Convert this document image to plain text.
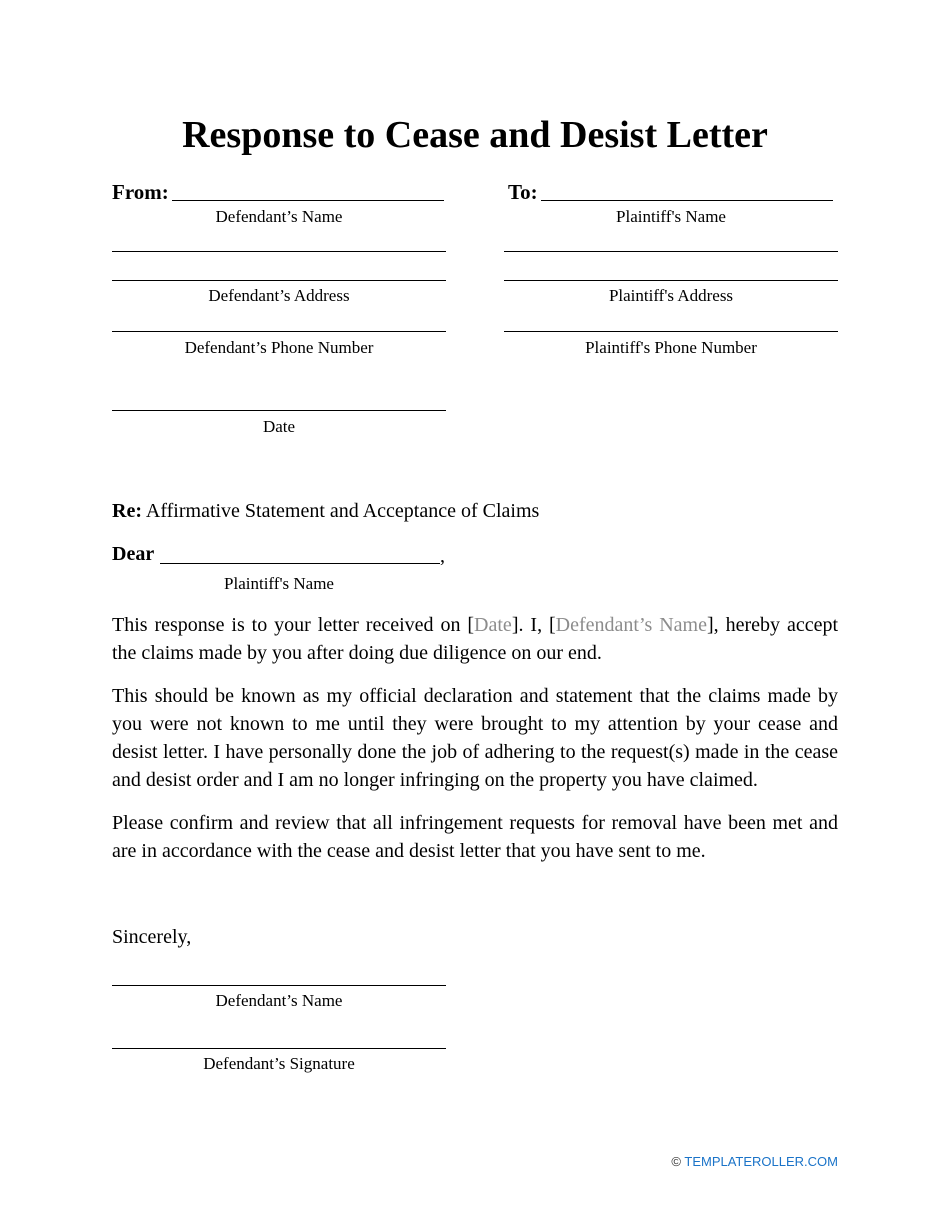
Response to Cease and Desist Letter
From:
Defendant’s Name
Defendant’s Address
Defendant’s Phone Number
Date
To:
Plaintiff's Name
Plaintiff's Address
Plaintiff's Phone Number
Re: Affirmative Statement and Acceptance of Claims
Dear	,
Plaintiff's Name
This response is to your letter received on [Date]. I, [Defendant’s Name], hereby accept the claims made by you after doing due diligence on our end.
This should be known as my official declaration and statement that the claims made by you were not known to me until they were brought to my attention by your cease and desist letter. I have personally done the job of adhering to the request(s) made in the cease and desist order and I am no longer infringing on the property you have claimed.
Please confirm and review that all infringement requests for removal have been met and are in accordance with the cease and desist letter that you have sent to me.
Sincerely,
Defendant’s Name
Defendant’s Signature
© TEMPLATEROLLER.COM
